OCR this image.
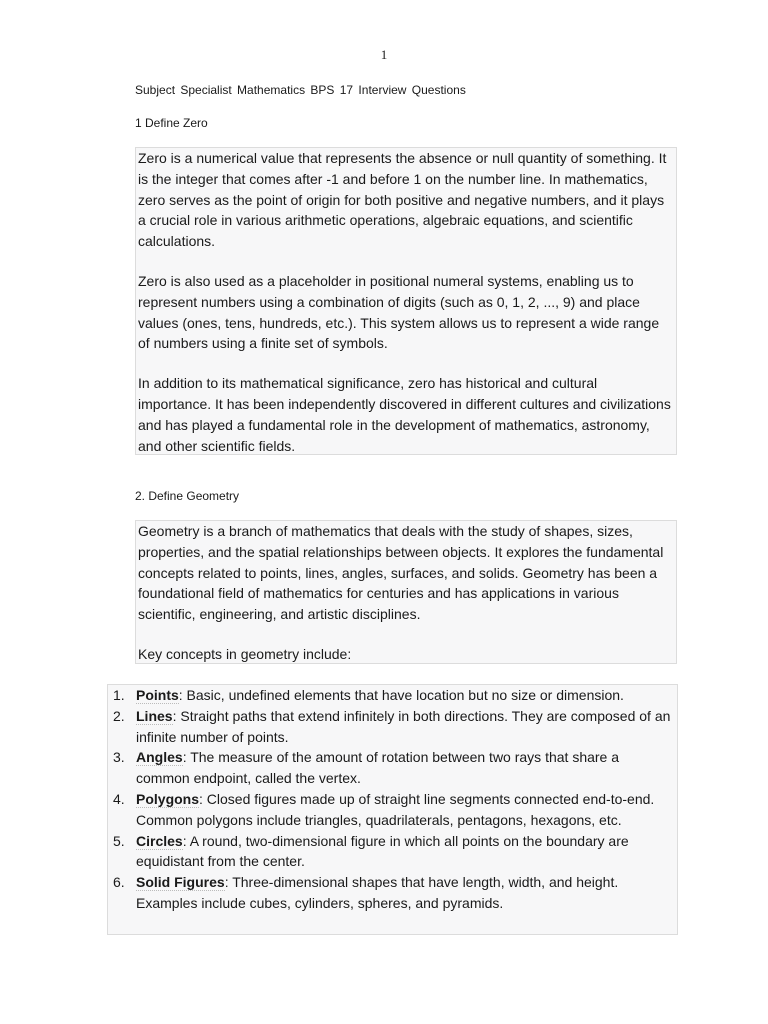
1
Subject Specialist Mathematics BPS 17 Interview Questions
1 Define Zero

Zero is a numerical value that represents the absence or null quantity of something. It is the integer that comes after -1 and before 1 on the number line. In mathematics, zero serves as the point of origin for both positive and negative numbers, and it plays a crucial role in various arithmetic operations, algebraic equations, and scientific calculations.

Zero is also used as a placeholder in positional numeral systems, enabling us to represent numbers using a combination of digits (such as 0, 1, 2, ..., 9) and place values (ones, tens, hundreds, etc.). This system allows us to represent a wide range of numbers using a finite set of symbols.

In addition to its mathematical significance, zero has historical and cultural importance. It has been independently discovered in different cultures and civilizations and has played a fundamental role in the development of mathematics, astronomy, and other scientific fields.

2. Define Geometry

Geometry is a branch of mathematics that deals with the study of shapes, sizes, properties, and the spatial relationships between objects. It explores the fundamental concepts related to points, lines, angles, surfaces, and solids. Geometry has been a foundational field of mathematics for centuries and has applications in various scientific, engineering, and artistic disciplines.

Key concepts in geometry include:

1. Points: Basic, undefined elements that have location but no size or dimension.
2. Lines: Straight paths that extend infinitely in both directions. They are composed of an infinite number of points.
3. Angles: The measure of the amount of rotation between two rays that share a common endpoint, called the vertex.
4. Polygons: Closed figures made up of straight line segments connected end-to-end. Common polygons include triangles, quadrilaterals, pentagons, hexagons, etc.
5. Circles: A round, two-dimensional figure in which all points on the boundary are equidistant from the center.
6. Solid Figures: Three-dimensional shapes that have length, width, and height. Examples include cubes, cylinders, spheres, and pyramids.
